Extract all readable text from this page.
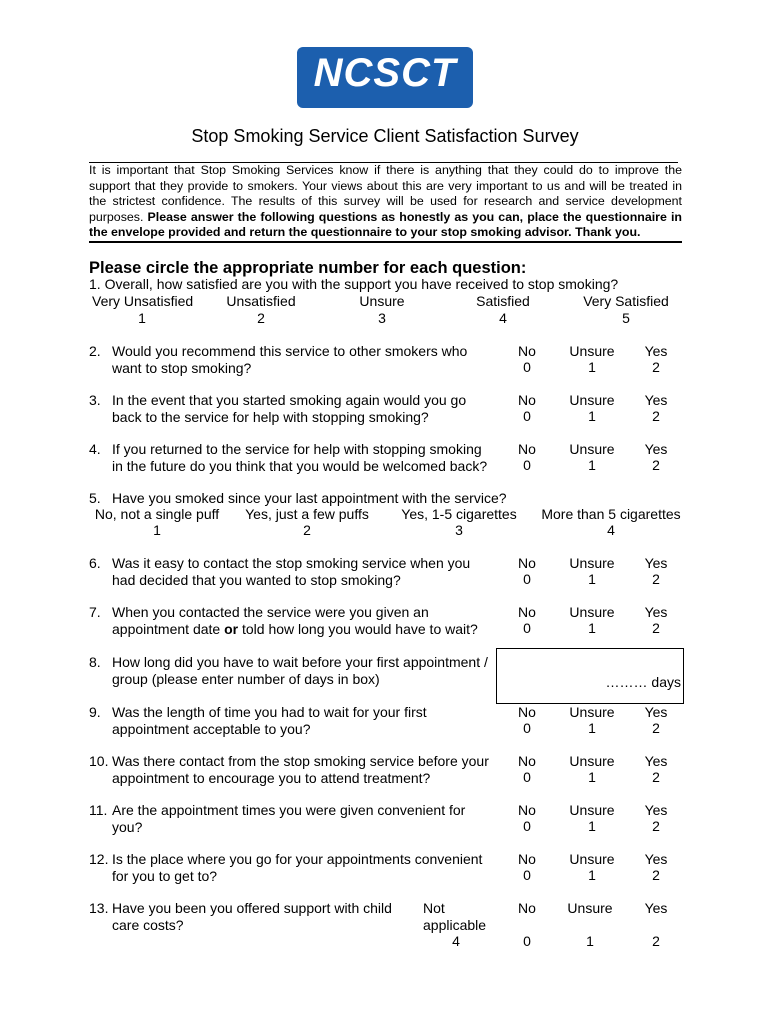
NCSCT
Stop Smoking Service Client Satisfaction Survey
It is important that Stop Smoking Services know if there is anything that they could do to improve the support that they provide to smokers. Your views about this are very important to us and will be treated in the strictest confidence. The results of this survey will be used for research and service development purposes. Please answer the following questions as honestly as you can, place the questionnaire in the envelope provided and return the questionnaire to your stop smoking advisor. Thank you.
Please circle the appropriate number for each question:
1. Overall, how satisfied are you with the support you have received to stop smoking?
Very Unsatisfied
1
Unsatisfied
2
Unsure
3
Satisfied
4
Very Satisfied
5
2. Would you recommend this service to other smokers who
want to stop smoking?
No
0
Unsure
1
Yes
2
3. In the event that you started smoking again would you go
back to the service for help with stopping smoking?
No
0
Unsure
1
Yes
2
4. If you returned to the service for help with stopping smoking
in the future do you think that you would be welcomed back?
No
0
Unsure
1
Yes
2
5. Have you smoked since your last appointment with the service?
No, not a single puff
1
Yes, just a few puffs
2
Yes, 1-5 cigarettes
3
More than 5 cigarettes
4
6. Was it easy to contact the stop smoking service when you
had decided that you wanted to stop smoking?
No
0
Unsure
1
Yes
2
7. When you contacted the service were you given an
appointment date or told how long you would have to wait?
No
0
Unsure
1
Yes
2
8. How long did you have to wait before your first appointment /
group (please enter number of days in box)	……… days
9. Was the length of time you had to wait for your first
appointment acceptable to you?
No
0
Unsure
1
Yes
2
10. Was there contact from the stop smoking service before your
appointment to encourage you to attend treatment?
No
0
Unsure
1
Yes
2
11. Are the appointment times you were given convenient for
you?
No
0
Unsure
1
Yes
2
12. Is the place where you go for your appointments convenient
for you to get to?
No
0
Unsure
1
Yes
2
13. Have you been you offered support with child
care costs?
Not
applicable
4
No
0
Unsure
1
Yes
2
